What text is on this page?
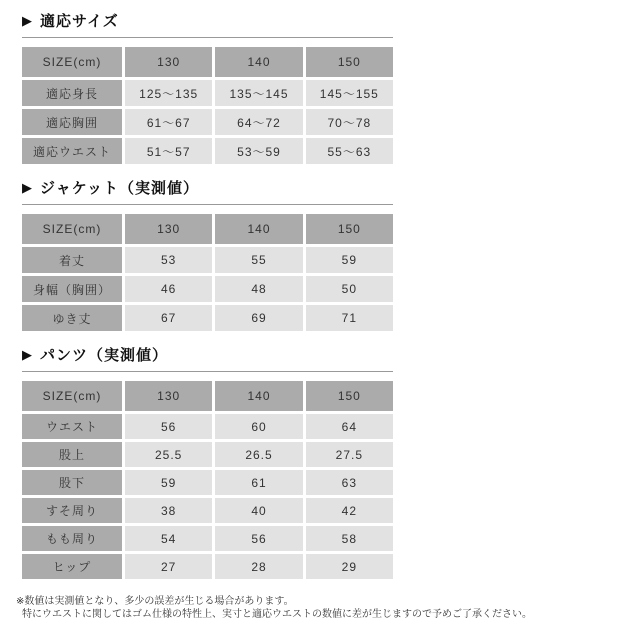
▶ 適応サイズ
SIZE(cm)	130	140	150
適応身長	125～135	135～145	145～155
適応胸囲	61～67	64～72	70～78
適応ウエスト	51～57	53～59	55～63
▶ ジャケット（実測値）
SIZE(cm)	130	140	150
着丈	53	55	59
身幅（胸囲）	46	48	50
ゆき丈	67	69	71
▶ パンツ（実測値）
SIZE(cm)	130	140	150
ウエスト	56	60	64
股上	25.5	26.5	27.5
股下	59	61	63
すそ周り	38	40	42
もも周り	54	56	58
ヒップ	27	28	29

※数値は実測値となり、多少の誤差が生じる場合があります。

特にウエストに関してはゴム仕様の特性上、実寸と適応ウエストの数値に差が生じますので予めご了承ください。
